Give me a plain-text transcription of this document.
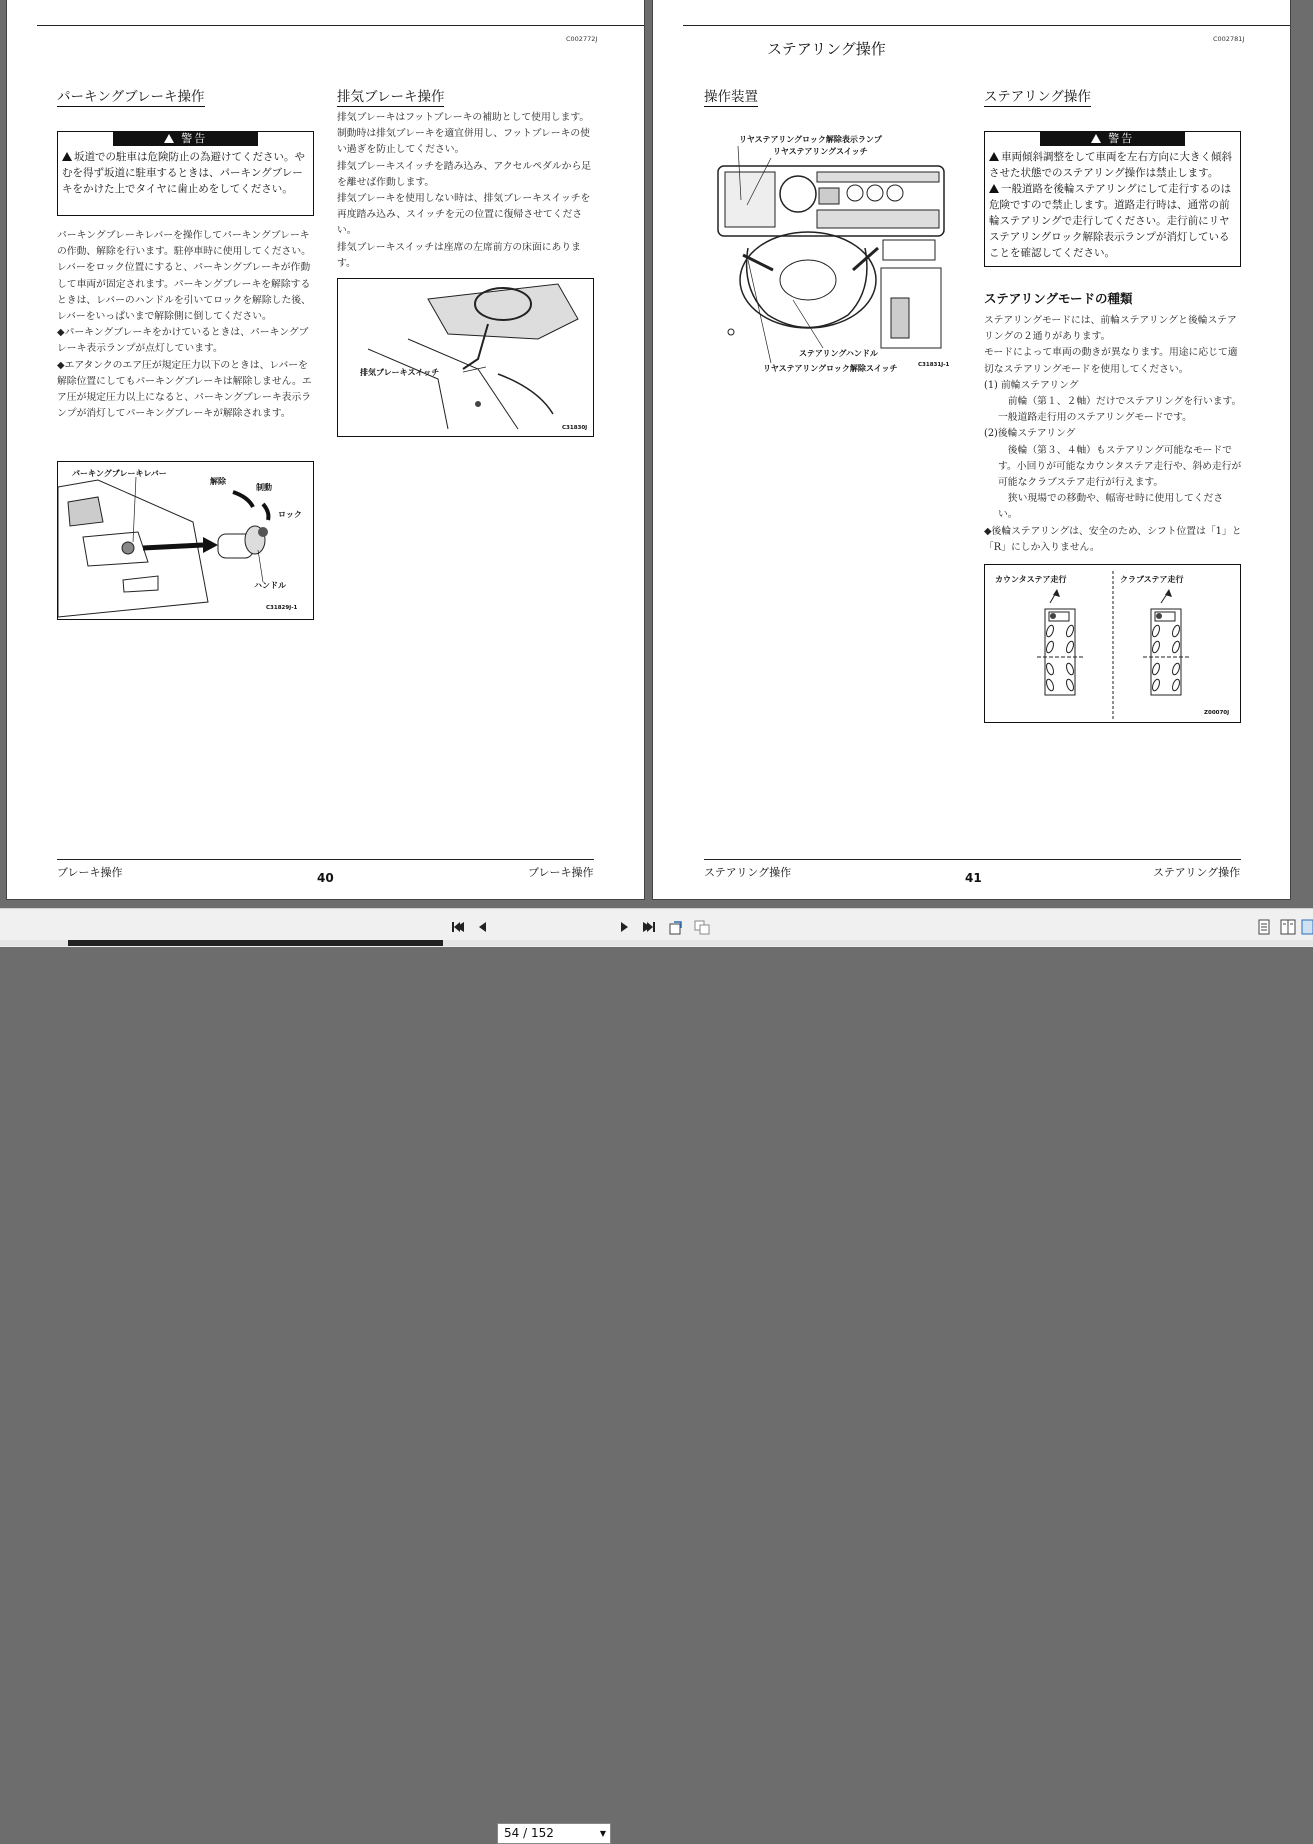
C002772J
パーキングブレーキ操作
警告
坂道での駐車は危険防止の為避けてください。やむを得ず坂道に駐車するときは、パーキングブレーキをかけた上でタイヤに歯止めをしてください。

パーキングブレーキレバーを操作してパーキングブレーキの作動、解除を行います。駐停車時に使用してください。

レバーをロック位置にすると、パーキングブレーキが作動して車両が固定されます。パーキングブレーキを解除するときは、レバーのハンドルを引いてロックを解除した後、レバーをいっぱいまで解除側に倒してください。

◆パーキングブレーキをかけているときは、パーキングブレーキ表示ランプが点灯しています。

◆エアタンクのエア圧が規定圧力以下のときは、レバーを解除位置にしてもパーキングブレーキは解除しません。エア圧が規定圧力以上になると、パーキングブレーキ表示ランプが消灯してパーキングブレーキが解除されます。

パーキングブレーキレバー
解除
制動
ロック
ハンドル
C31829J-1
排気ブレーキ操作

排気ブレーキはフットブレーキの補助として使用します。制動時は排気ブレーキを適宜併用し、フットブレーキの使い過ぎを防止してください。

排気ブレーキスイッチを踏み込み、アクセルペダルから足を離せば作動します。

排気ブレーキを使用しない時は、排気ブレーキスイッチを再度踏み込み、スイッチを元の位置に復帰させてください。

排気ブレーキスイッチは座席の左席前方の床面にあります。

排気ブレーキスイッチ
C31830J
ブレーキ操作	40	ブレーキ操作
C002781J
ステアリング操作
操作装置
リヤステアリングロック解除表示ランプ
リヤステアリングスイッチ
ステアリングハンドル
リヤステアリングロック解除スイッチ	C31831J-1
ステアリング操作
警告
車両傾斜調整をして車両を左右方向に大きく傾斜させた状態でのステアリング操作は禁止します。
一般道路を後輪ステアリングにして走行するのは危険ですので禁止します。道路走行時は、通常の前輪ステアリングで走行してください。走行前にリヤステアリングロック解除表示ランプが消灯していることを確認してください。
ステアリングモードの種類

ステアリングモードには、前輪ステアリングと後輪ステアリングの２通りがあります。

モードによって車両の動きが異なります。用途に応じて適切なステアリングモードを使用してください。

(1) 前輪ステアリング

　前輪（第１、２軸）だけでステアリングを行います。一般道路走行用のステアリングモードです。

(2)後輪ステアリング

　後輪（第３、４軸）もステアリング可能なモードです。小回りが可能なカウンタステア走行や、斜め走行が可能なクラブステア走行が行えます。

　狭い現場での移動や、幅寄せ時に使用してください。

◆後輪ステアリングは、安全のため、シフト位置は「1」と「R」にしか入りません。

カウンタステア走行	クラブステア走行
Z00070J
ステアリング操作	41	ステアリング操作
54 / 152	▼
